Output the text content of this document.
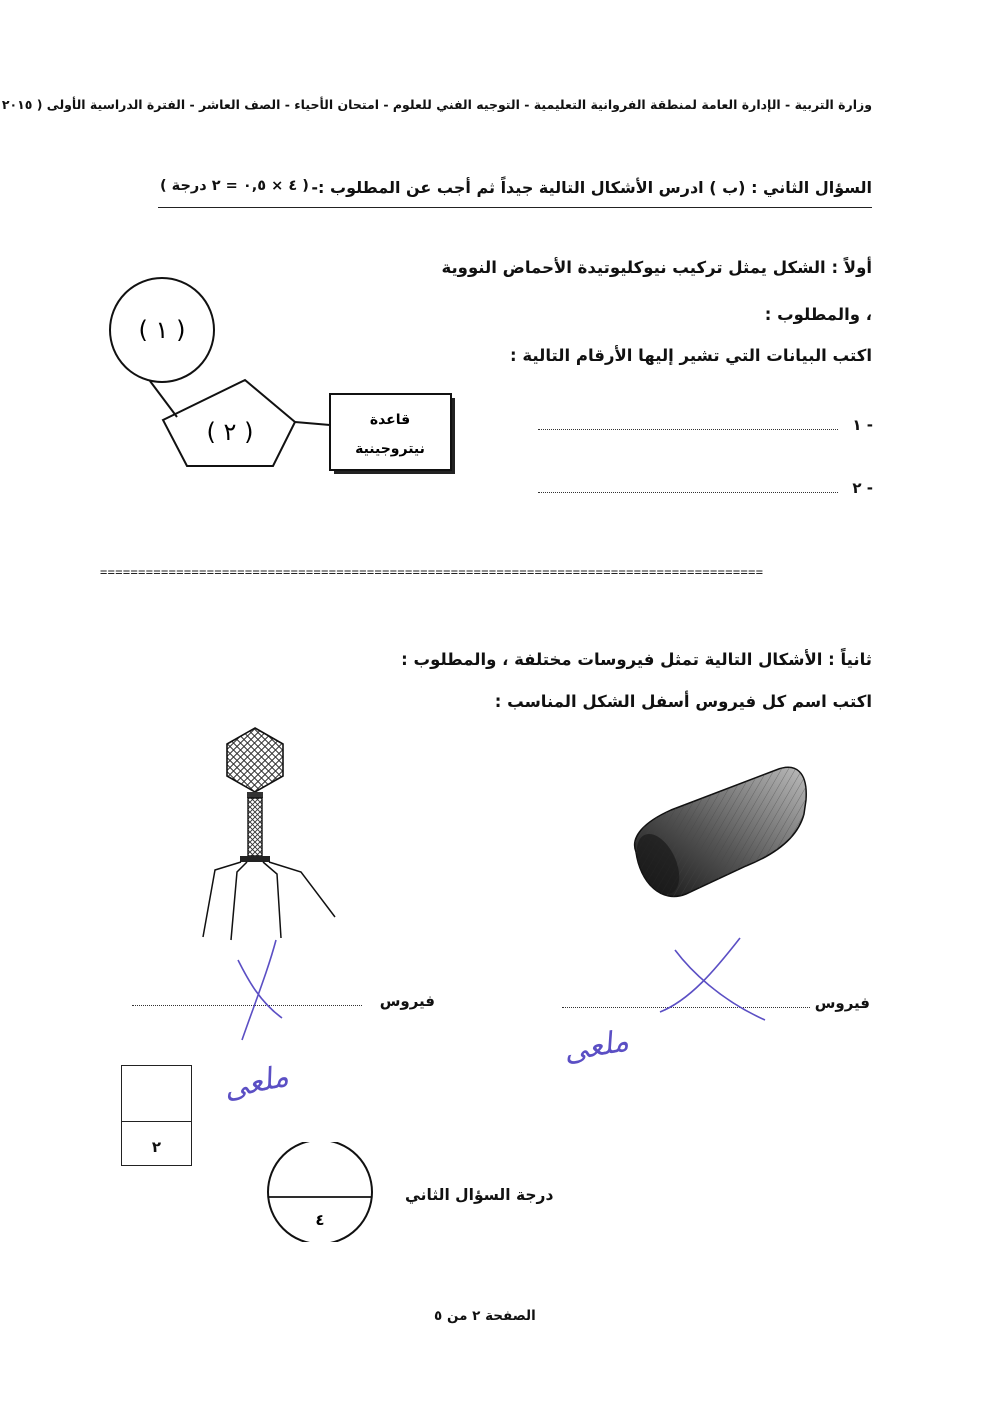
وزارة التربية - الإدارة العامة لمنطقة الفروانية التعليمية - التوجيه الفني للعلوم - امتحان الأحياء - الصف العاشر - الفترة الدراسية الأولى ( ٢٠١٥
السؤال الثاني : (ب ) ادرس الأشكال التالية جيداً ثم أجب عن المطلوب :-
( ٤ × ٠,٥ = ٢ درجة )
أولاً : الشكل يمثل تركيب نيوكليوتيدة الأحماض النووية
، والمطلوب :
اكتب البيانات التي تشير إليها الأرقام التالية :
١ -
٢ -
( ١ )
( ٢ )	قاعدة
نيتروجينية
=======================================================================================
ثانياً : الأشكال التالية تمثل فيروسات مختلفة ، والمطلوب :
اكتب اسم كل فيروس أسفل الشكل المناسب :
فيروس	فيروس
ملعى
ملعى
٢
٤
درجة السؤال الثاني
الصفحة ٢ من ٥
